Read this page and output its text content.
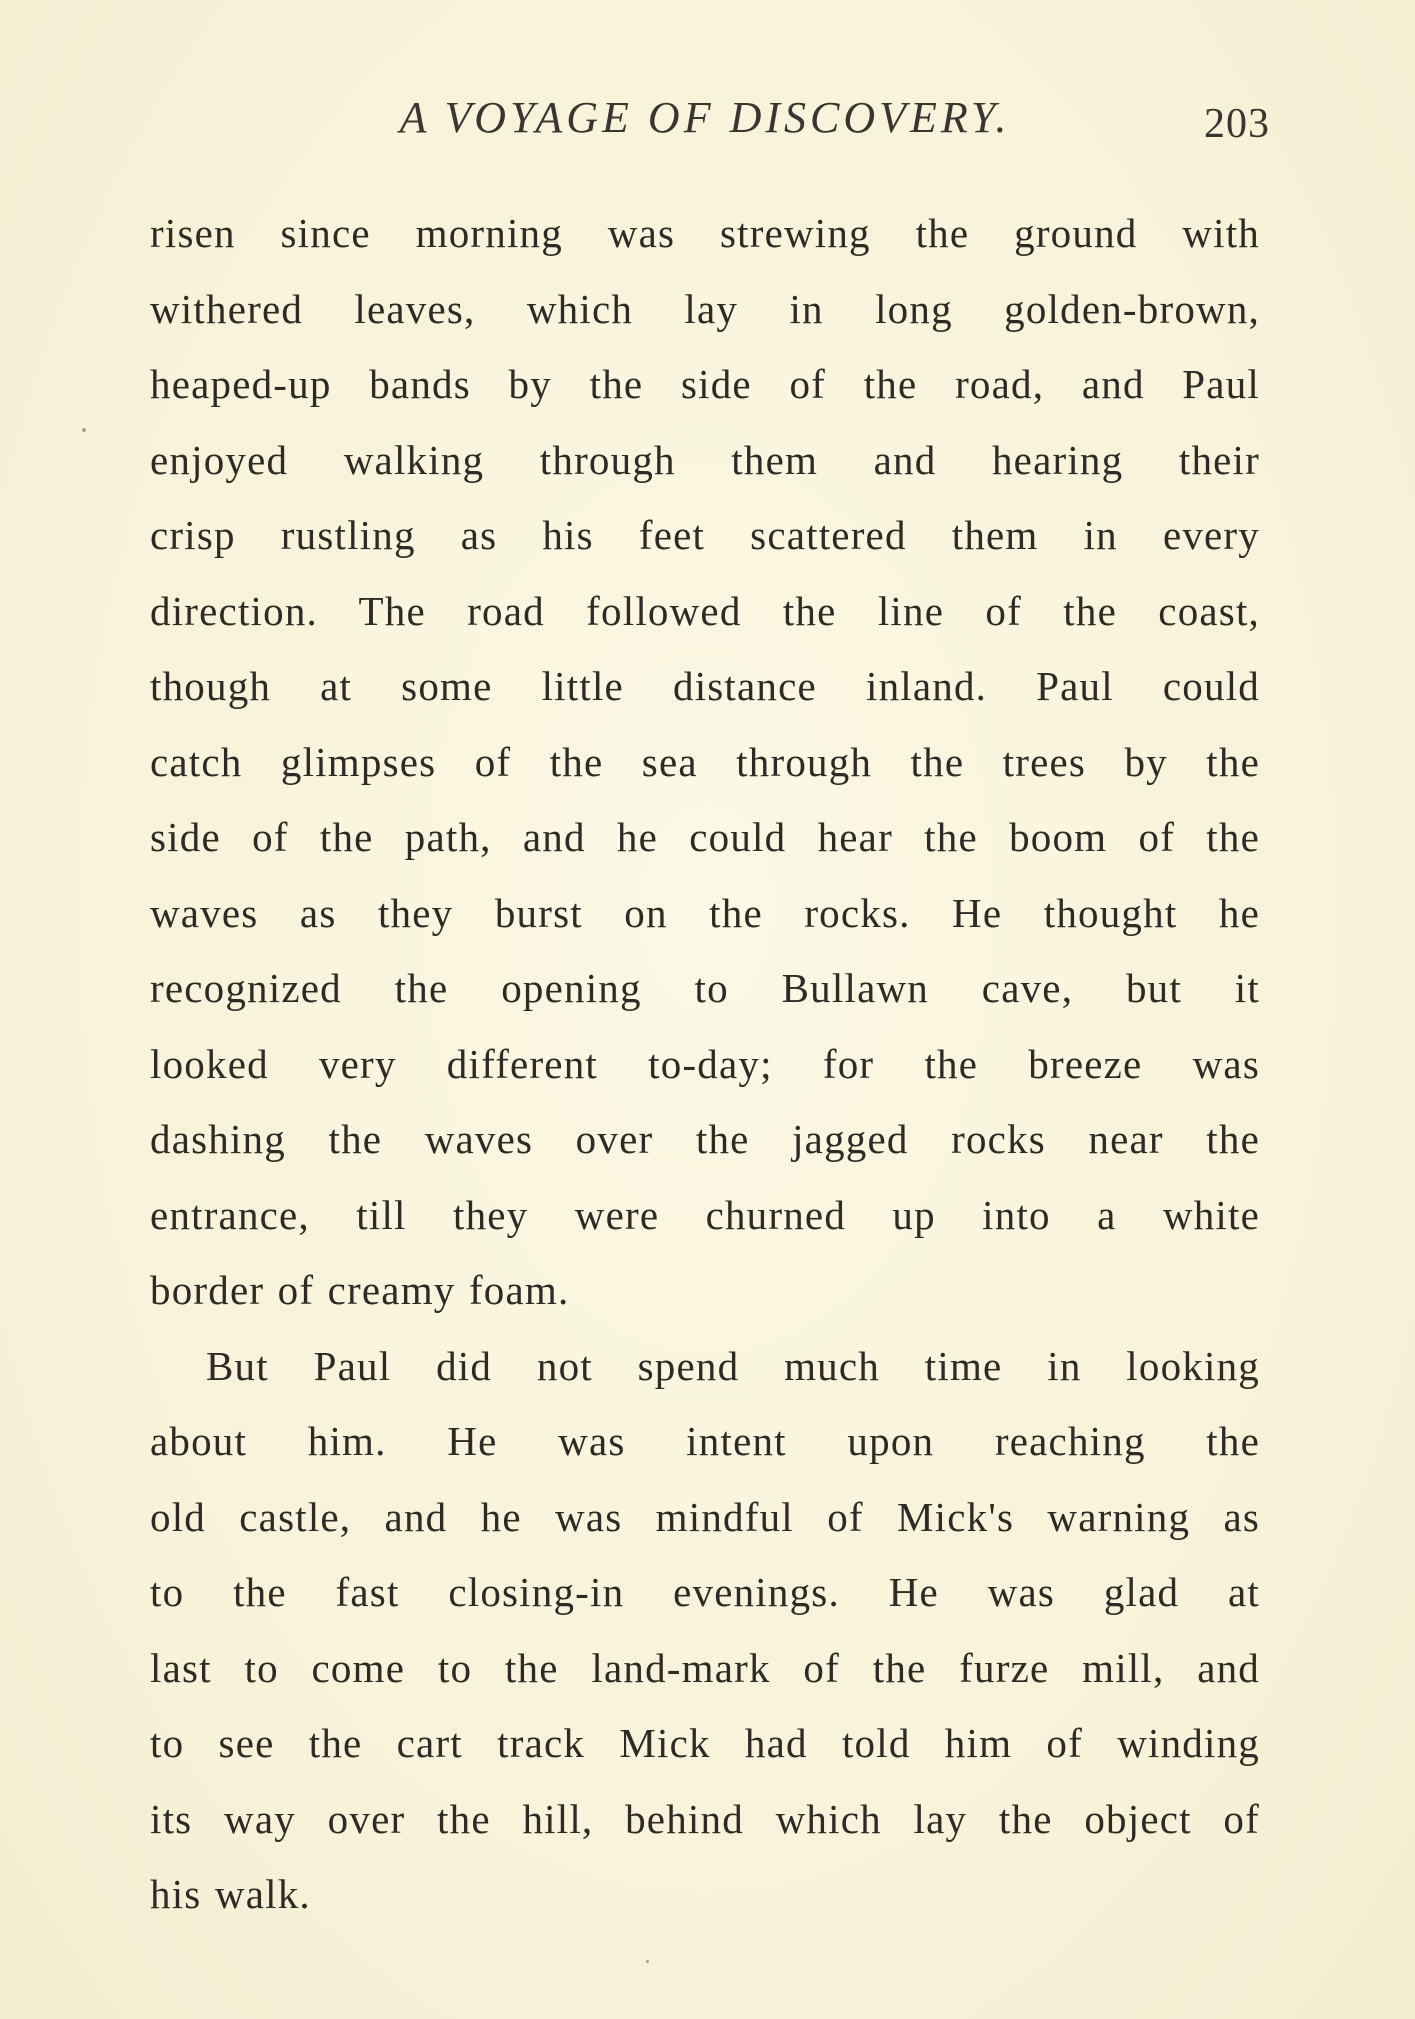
A VOYAGE OF DISCOVERY.	203
risen since morning was strewing the ground with
withered leaves, which lay in long golden-brown,
heaped-up bands by the side of the road, and Paul
enjoyed walking through them and hearing their
crisp rustling as his feet scattered them in every
direction. The road followed the line of the coast,
though at some little distance inland. Paul could
catch glimpses of the sea through the trees by the
side of the path, and he could hear the boom of the
waves as they burst on the rocks. He thought he
recognized the opening to Bullawn cave, but it
looked very different to-day; for the breeze was
dashing the waves over the jagged rocks near the
entrance, till they were churned up into a white
border of creamy foam.
But Paul did not spend much time in looking
about him. He was intent upon reaching the
old castle, and he was mindful of Mick's warning as
to the fast closing-in evenings. He was glad at
last to come to the land-mark of the furze mill, and
to see the cart track Mick had told him of winding
its way over the hill, behind which lay the object of
his walk.
